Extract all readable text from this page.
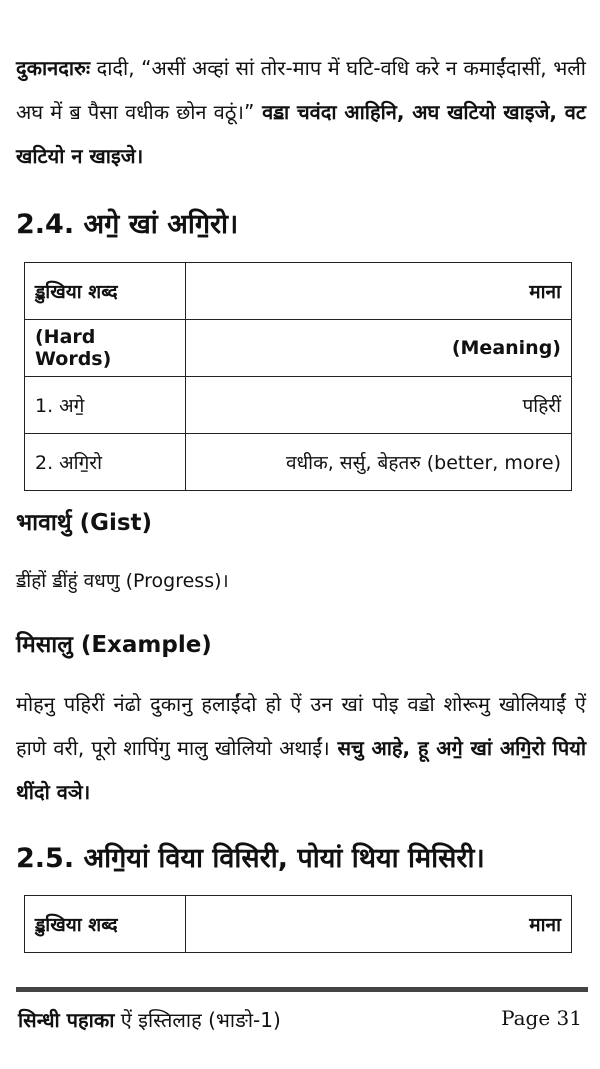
दुकानदारुः दादी, “असीं अव्हां सां तोर-माप में घटि-वधि करे न कमाईंदासीं, भली अघ में ॿ पैसा वधीक छोन वठूं।” वॾा चवंदा आहिनि, अघ खटियो खाइजे, वट खटियो न खाइजे।
2.4. अगे॒ खां अगि॒रो।
ॾुखिया शब्द	माना
(Hard Words)	(Meaning)
1. अगे॒	पहिरीं
2. अगि॒रो	वधीक, सर्सु, बेहतरु (better, more)
भावार्थु (Gist)
ॾींहों ॾींहुं वधणु (Progress)।
मिसालु (Example)
मोहनु पहिरीं नंढो दुकानु हलाईंदो हो ऐं उन खां पोइ वॾो शोरूमु खोलियाईं ऐं हाणे वरी, पूरो शापिंगु मालु खोलियो अथाईं। सचु आहे, हू अगे॒ खां अगि॒रो पियो थींदो वञे।
2.5. अगि॒यां विया विसिरी, पोयां थिया मिसिरी।
ॾुखिया शब्द	माना
सिन्धी पहाका ऐं इस्तिलाह (भाङो-1)	Page 31
